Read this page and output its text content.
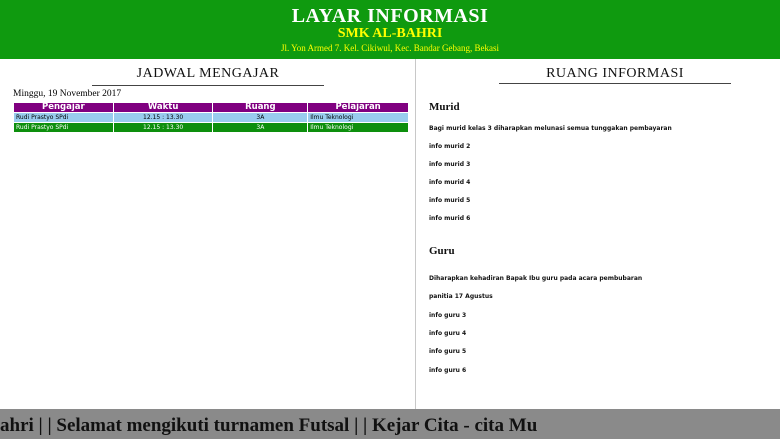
LAYAR INFORMASI
SMK AL-BAHRI
Jl. Yon Armed 7. Kel. Cikiwul, Kec. Bandar Gebang, Bekasi
JADWAL MENGAJAR
Minggu, 19 November 2017
Pengajar	Waktu	Ruang	Pelajaran
Rudi Prastyo SPdi	12.15 : 13.30	3A	Ilmu Teknologi
Rudi Prastyo SPdi	12.15 : 13.30	3A	Ilmu Teknologi
RUANG INFORMASI
Murid
Bagi murid kelas 3 diharapkan melunasi semua tunggakan pembayaran
info murid 2
info murid 3
info murid 4
info murid 5
info murid 6
Guru
Diharapkan kehadiran Bapak Ibu guru pada acara pembubaran
panitia 17 Agustus
info guru 3
info guru 4
info guru 5
info guru 6
ahri | | Selamat mengikuti turnamen Futsal | | Kejar Cita - cita Mu
